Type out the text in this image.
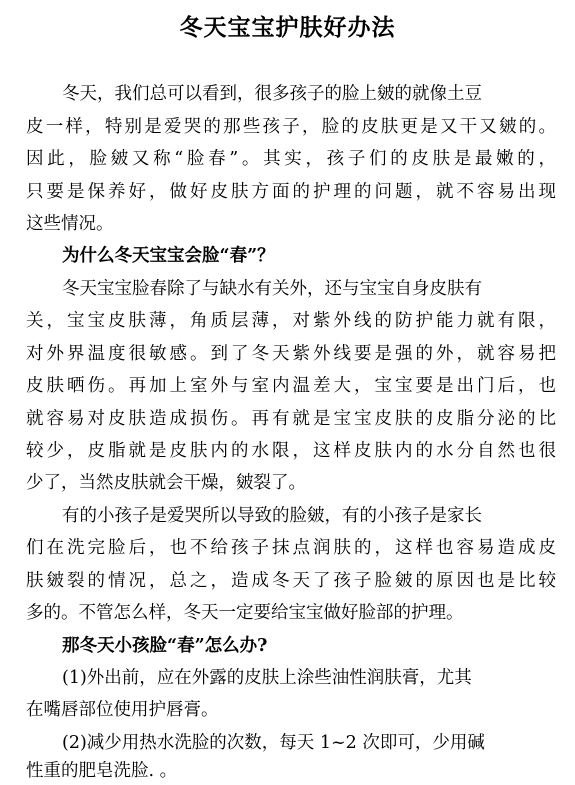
冬天宝宝护肤好办法
冬天，我们总可以看到，很多孩子的脸上皴的就像土豆
皮一样，特别是爱哭的那些孩子，脸的皮肤更是又干又皴的。
因此，脸皴又称“脸春”。其实，孩子们的皮肤是最嫩的，
只要是保养好，做好皮肤方面的护理的问题，就不容易出现
这些情况。
为什么冬天宝宝会脸“春”？
冬天宝宝脸春除了与缺水有关外，还与宝宝自身皮肤有
关，宝宝皮肤薄，角质层薄，对紫外线的防护能力就有限，
对外界温度很敏感。到了冬天紫外线要是强的外，就容易把
皮肤晒伤。再加上室外与室内温差大，宝宝要是出门后，也
就容易对皮肤造成损伤。再有就是宝宝皮肤的皮脂分泌的比
较少，皮脂就是皮肤内的水限，这样皮肤内的水分自然也很
少了，当然皮肤就会干燥，皴裂了。
有的小孩子是爱哭所以导致的脸皴，有的小孩子是家长
们在洗完脸后，也不给孩子抹点润肤的，这样也容易造成皮
肤皴裂的情况，总之，造成冬天了孩子脸皴的原因也是比较
多的。不管怎么样，冬天一定要给宝宝做好脸部的护理。
那冬天小孩脸“春”怎么办?
(1)外出前，应在外露的皮肤上涂些油性润肤膏，尤其
在嘴唇部位使用护唇膏。
(2)减少用热水洗脸的次数，每天 1~2 次即可，少用碱
性重的肥皂洗脸. 。
